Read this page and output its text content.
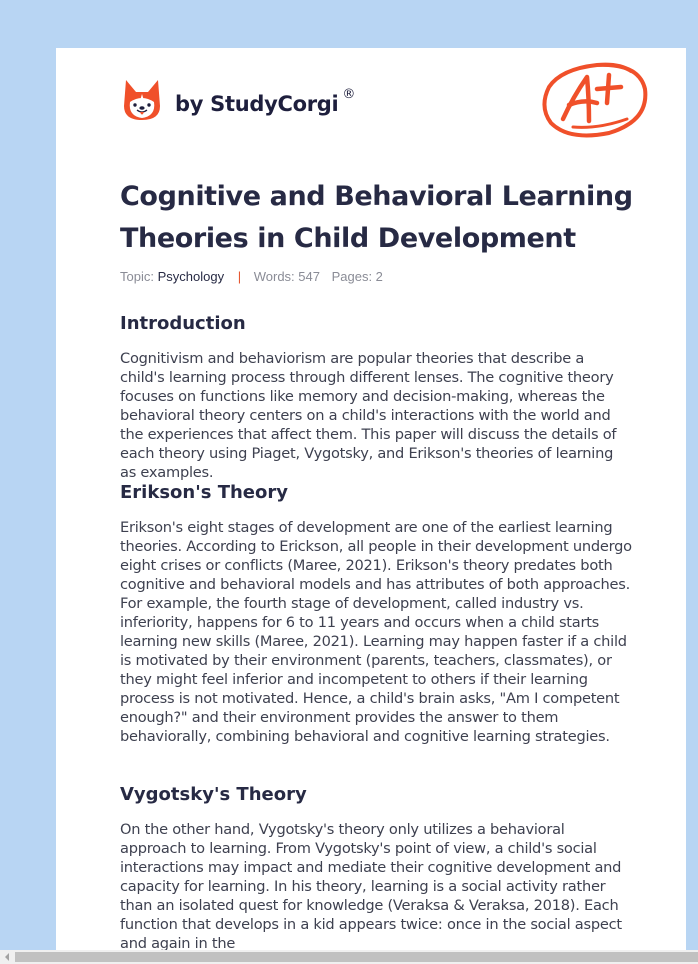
by StudyCorgi ®
Cognitive and Behavioral Learning Theories in Child Development
Topic: Psychology | Words: 547 Pages: 2
Introduction

Cognitivism and behaviorism are popular theories that describe a child's learning process through different lenses. The cognitive theory focuses on functions like memory and decision-making, whereas the behavioral theory centers on a child's interactions with the world and the experiences that affect them. This paper will discuss the details of each theory using Piaget, Vygotsky, and Erikson's theories of learning as examples.

Erikson's Theory

Erikson's eight stages of development are one of the earliest learning theories. According to Erickson, all people in their development undergo eight crises or conflicts (Maree, 2021). Erikson's theory predates both cognitive and behavioral models and has attributes of both approaches. For example, the fourth stage of development, called industry vs. inferiority, happens for 6 to 11 years and occurs when a child starts learning new skills (Maree, 2021). Learning may happen faster if a child is motivated by their environment (parents, teachers, classmates), or they might feel inferior and incompetent to others if their learning process is not motivated. Hence, a child's brain asks, "Am I competent enough?" and their environment provides the answer to them behaviorally, combining behavioral and cognitive learning strategies.

Vygotsky's Theory

On the other hand, Vygotsky's theory only utilizes a behavioral approach to learning. From Vygotsky's point of view, a child's social interactions may impact and mediate their cognitive development and capacity for learning. In his theory, learning is a social activity rather than an isolated quest for knowledge (Veraksa & Veraksa, 2018). Each function that develops in a kid appears twice: once in the social aspect and again in the
